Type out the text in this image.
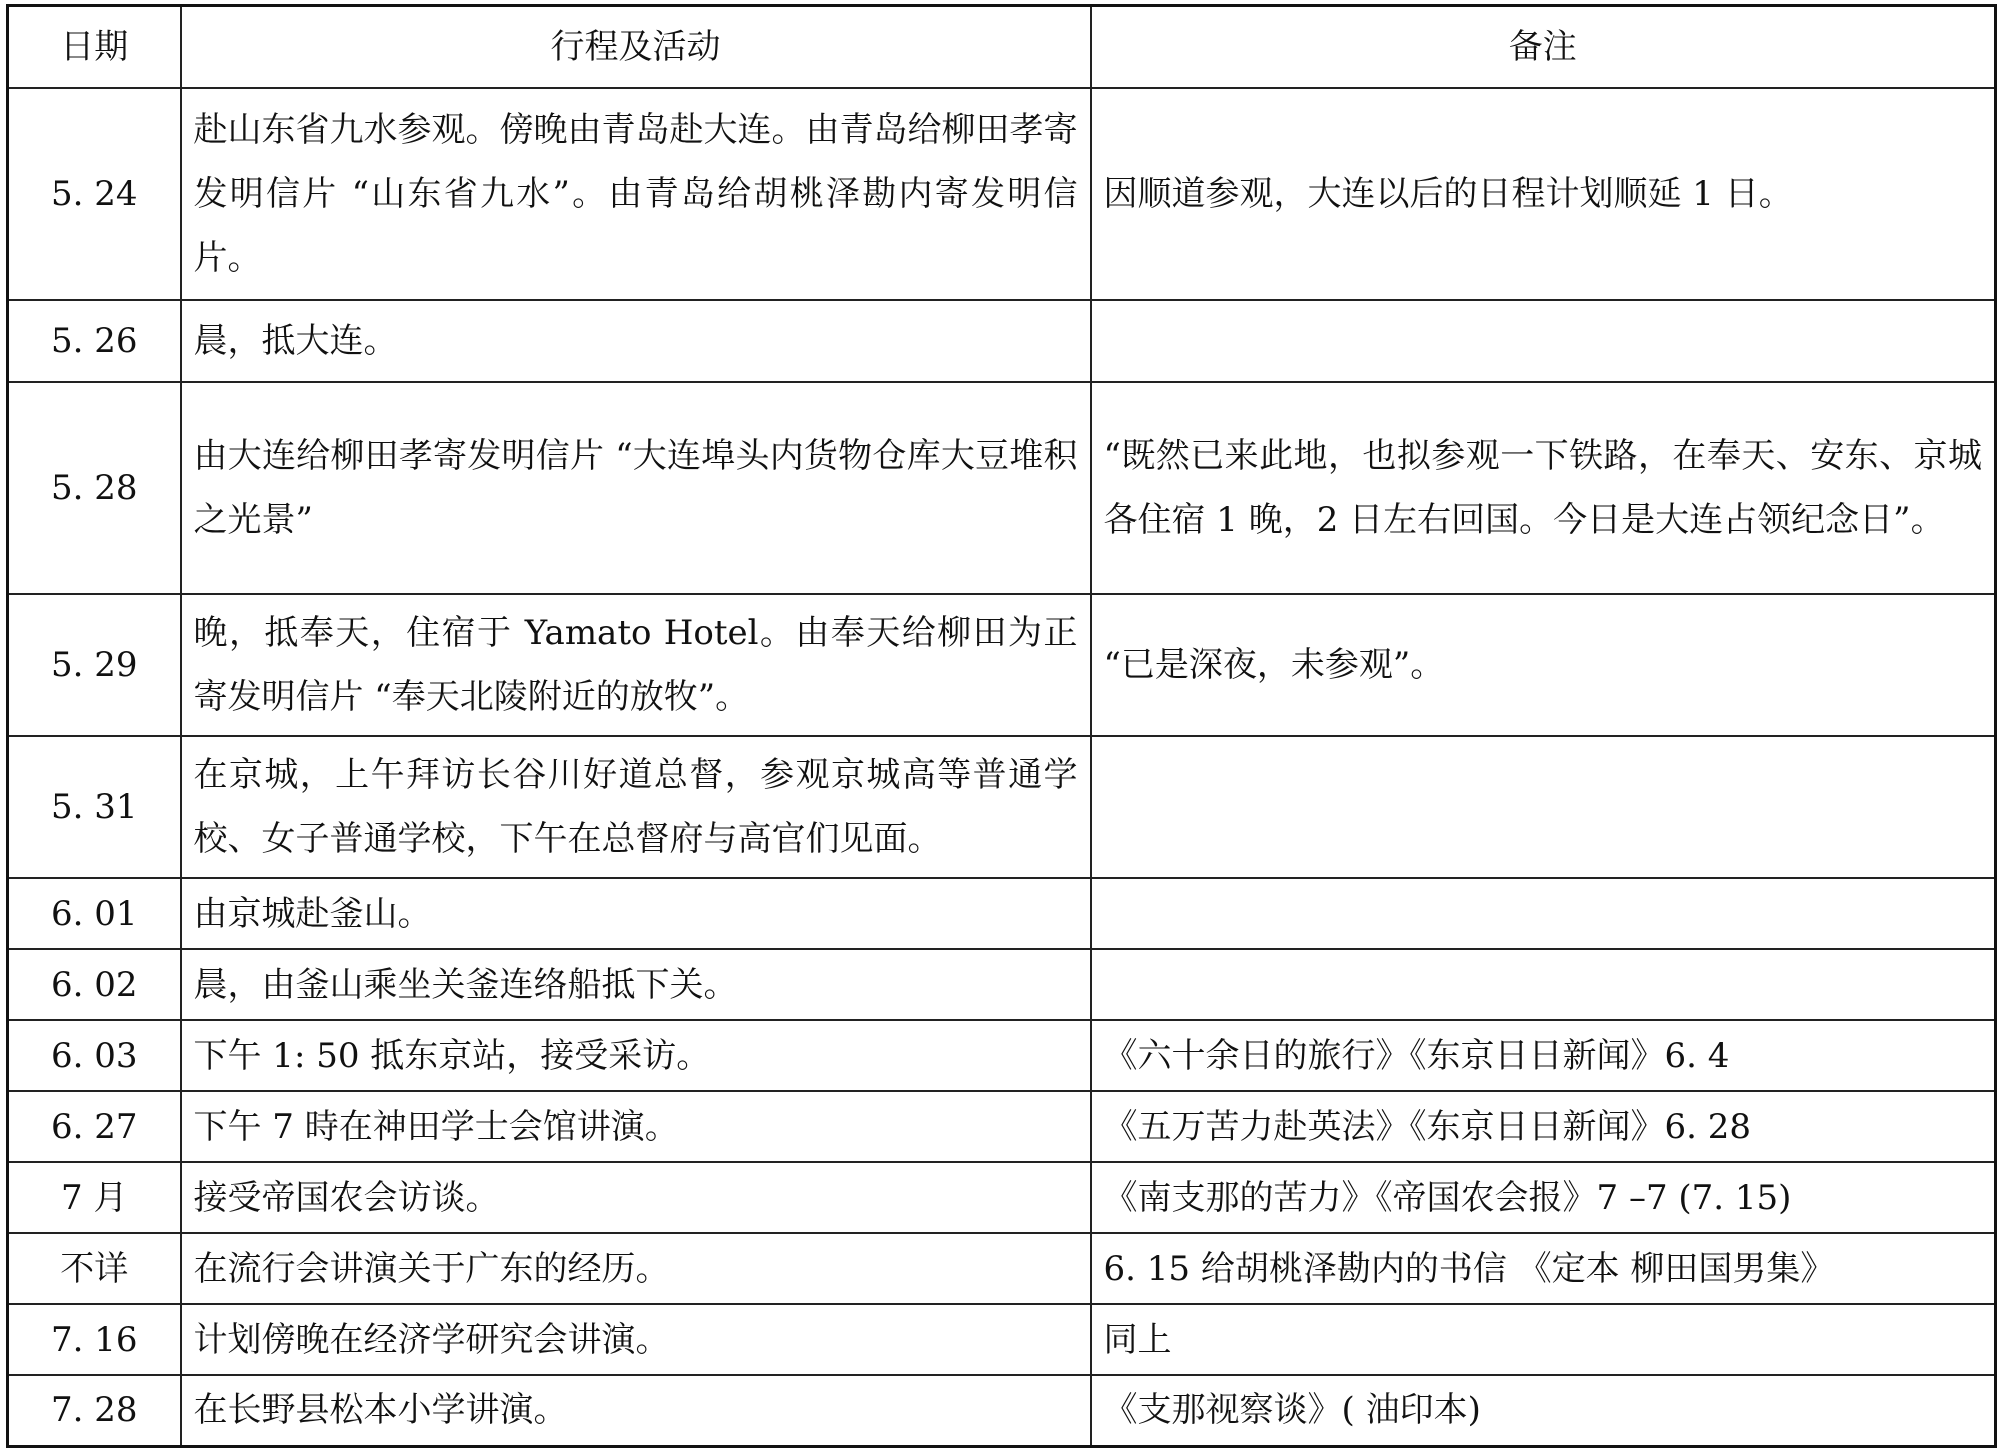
日期	行程及活动	备注
5. 24	赴山东省九水参观。傍晚由青岛赴大连。由青岛给柳田孝寄发明信片 “山东省九水”。由青岛给胡桃泽勘内寄发明信片。	因顺道参观，大连以后的日程计划顺延 1 日。
5. 26	晨，抵大连。	
5. 28	由大连给柳田孝寄发明信片 “大连埠头内货物仓库大豆堆积之光景”	“既然已来此地，也拟参观一下铁路，在奉天、安东、京城各住宿 1 晚，2 日左右回国。今日是大连占领纪念日”。
5. 29	晚，抵奉天，住宿于 Yamato Hotel。由奉天给柳田为正寄发明信片 “奉天北陵附近的放牧”。	“已是深夜，未参观”。
5. 31	在京城，上午拜访长谷川好道总督，参观京城高等普通学校、女子普通学校，下午在总督府与高官们见面。	
6. 01	由京城赴釜山。	
6. 02	晨，由釜山乘坐关釜连络船抵下关。	
6. 03	下午 1: 50 抵东京站，接受采访。	《六十余日的旅行》《东京日日新闻》6. 4
6. 27	下午 7 時在神田学士会馆讲演。	《五万苦力赴英法》《东京日日新闻》6. 28
7 月	接受帝国农会访谈。	《南支那的苦力》《帝国农会报》7 –7 (7. 15)
不详	在流行会讲演关于广东的经历。	6. 15 给胡桃泽勘内的书信 《定本 柳田国男集》
7. 16	计划傍晚在经济学研究会讲演。	同上
7. 28	在长野县松本小学讲演。	《支那视察谈》( 油印本)
